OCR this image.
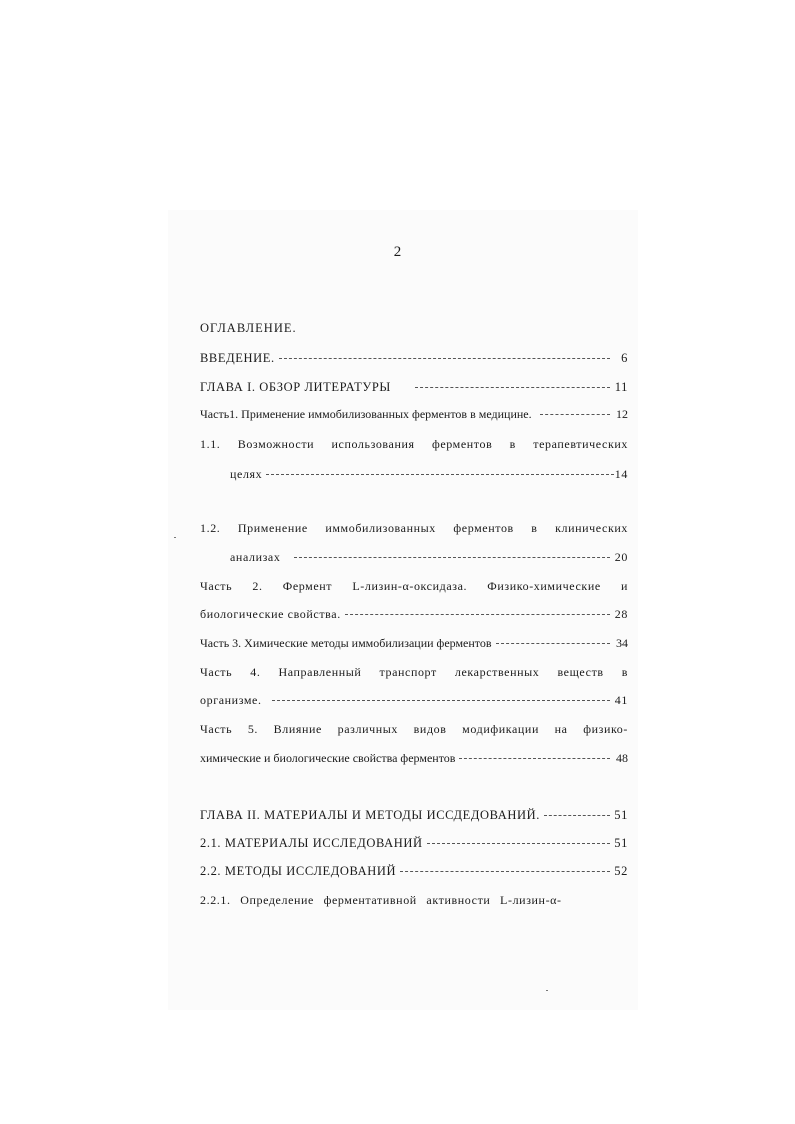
2
ОГЛАВЛЕНИЕ.
ВВЕДЕНИЕ.	6
ГЛАВА I. ОБЗОР ЛИТЕРАТУРЫ	11
Часть1. Применение иммобилизованных ферментов в медицине.	12
1.1. Возможности использования ферментов в терапевтических
целях	14
1.2. Применение иммобилизованных ферментов в клинических
анализах	20
Часть 2. Фермент L-лизин-α-оксидаза. Физико-химические и
биологические свойства.	28
Часть 3. Химические методы иммобилизации ферментов	34
Часть 4. Направленный транспорт лекарственных веществ в
организме.	41
Часть 5. Влияние различных видов модификации на физико-
химические и биологические свойства ферментов	48
ГЛАВА II. МАТЕРИАЛЫ И МЕТОДЫ ИССДЕДОВАНИЙ.	51
2.1. МАТЕРИАЛЫ ИССЛЕДОВАНИЙ	51
2.2. МЕТОДЫ ИССЛЕДОВАНИЙ	52
2.2.1. Определение ферментативной активности L-лизин-α-
